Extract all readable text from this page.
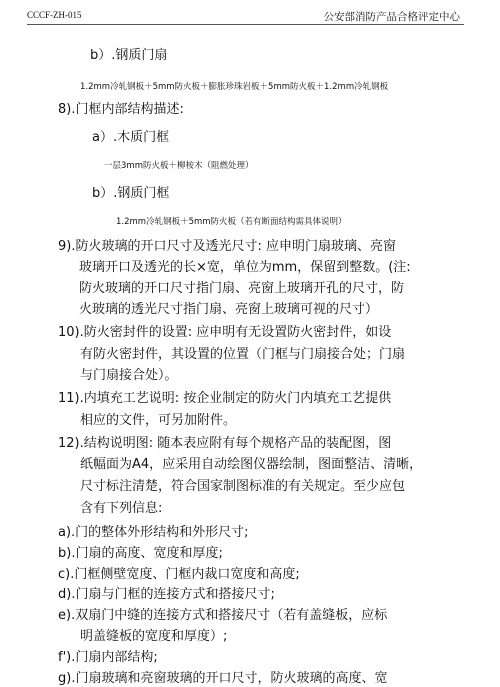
CCCF-ZH-015	公安部消防产品合格评定中心
b）.钢质门扇
1.2mm冷轧钢板＋5mm防火板＋膨胀珍珠岩板＋5mm防火板＋1.2mm冷轧钢板
8).门框内部结构描述:
a）.木质门框
一层3mm防火板＋柳桉木（阻燃处理）
b）.钢质门框
1.2mm冷轧钢板＋5mm防火板（若有断面结构需具体说明）
9).防火玻璃的开口尺寸及透光尺寸: 应申明门扇玻璃、亮窗
玻璃开口及透光的长×宽，单位为mm，保留到整数。(注:
防火玻璃的开口尺寸指门扇、亮窗上玻璃开孔的尺寸，防
火玻璃的透光尺寸指门扇、亮窗上玻璃可视的尺寸）
10).防火密封件的设置: 应申明有无设置防火密封件，如设
有防火密封件，其设置的位置（门框与门扇接合处；门扇
与门扇接合处）。
11).内填充工艺说明: 按企业制定的防火门内填充工艺提供
相应的文件，可另加附件。
12).结构说明图: 随本表应附有每个规格产品的装配图，图
纸幅面为A4，应采用自动绘图仪器绘制，图面整洁、清晰，
尺寸标注清楚，符合国家制图标准的有关规定。至少应包
含有下列信息:
a).门的整体外形结构和外形尺寸;
b).门扇的高度、宽度和厚度;
c).门框侧壁宽度、门框内裁口宽度和高度;
d).门扇与门框的连接方式和搭接尺寸;
e).双扇门中缝的连接方式和搭接尺寸（若有盖缝板，应标
明盖缝板的宽度和厚度）;
f').门扇内部结构;
g).门扇玻璃和亮窗玻璃的开口尺寸，防火玻璃的高度、宽
